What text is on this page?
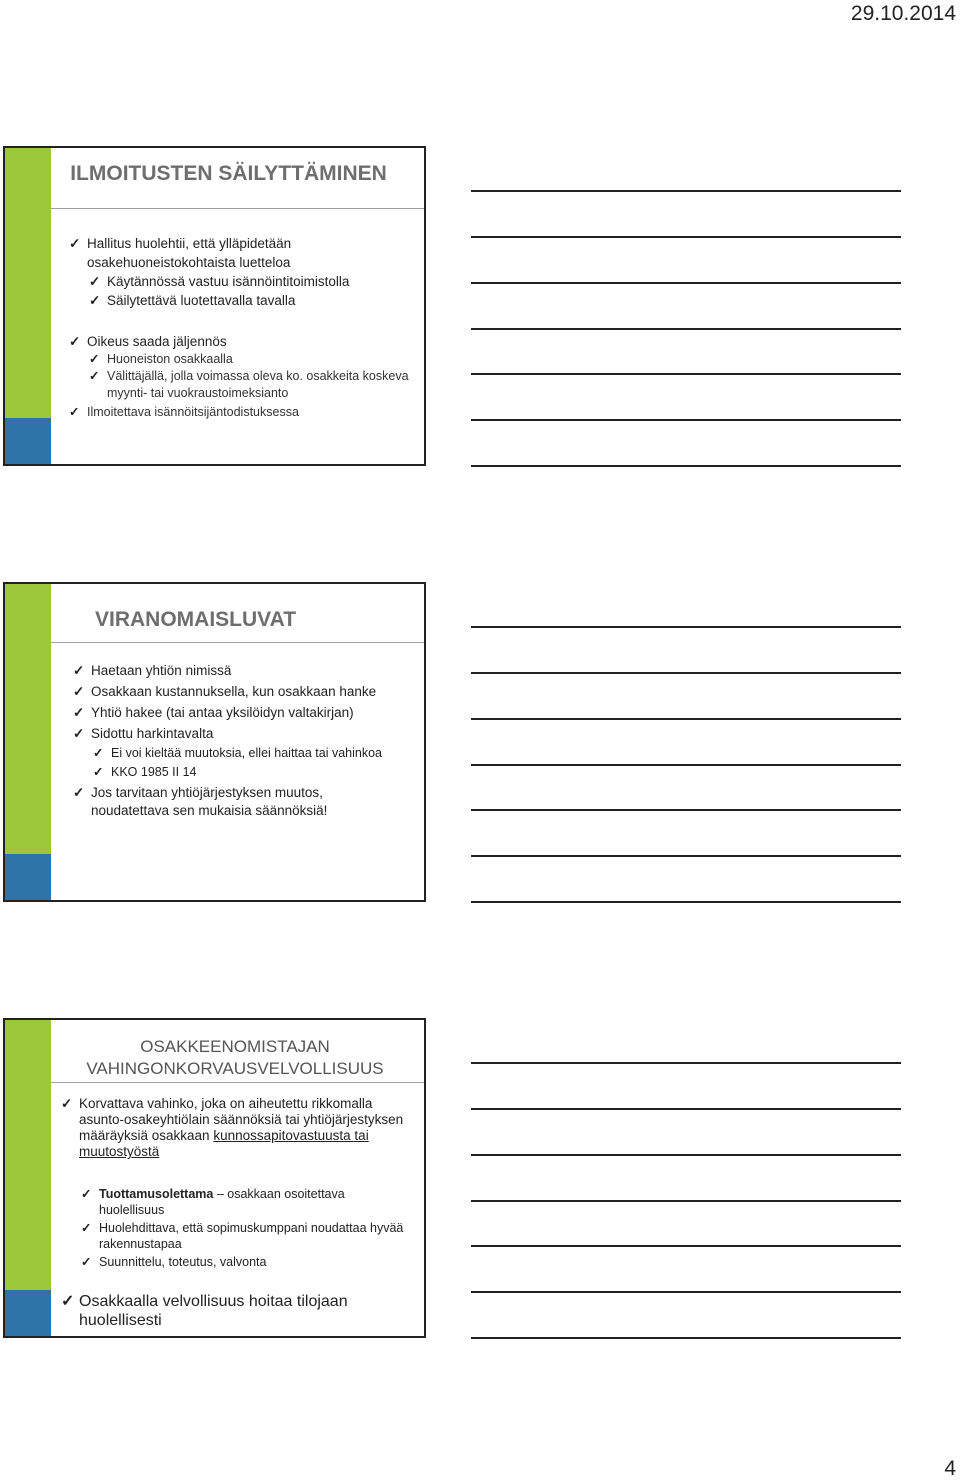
29.10.2014
ILMOITUSTEN SÄILYTTÄMINEN
✓ Hallitus huolehtii, että ylläpidetään osakehuoneistokohtaista luetteloa
✓ Käytännössä vastuu isännöintitoimistolla
✓ Säilytettävä luotettavalla tavalla
✓ Oikeus saada jäljennös
✓ Huoneiston osakkaalla
✓ Välittäjällä, jolla voimassa oleva ko. osakkeita koskeva myynti- tai vuokraustoimeksianto
✓ Ilmoitettava isännöitsijäntodistuksessa
VIRANOMAISLUVAT
✓ Haetaan yhtiön nimissä
✓ Osakkaan kustannuksella, kun osakkaan hanke
✓ Yhtiö hakee (tai antaa yksilöidyn valtakirjan)
✓ Sidottu harkintavalta
✓ Ei voi kieltää muutoksia, ellei haittaa tai vahinkoa
✓ KKO 1985 II 14
✓ Jos tarvitaan yhtiöjärjestyksen muutos, noudatettava sen mukaisia säännöksiä!
OSAKKEENOMISTAJAN VAHINGONKORVAUSVELVOLLISUUS
✓ Korvattava vahinko, joka on aiheutettu rikkomalla asunto-osakeyhtiölain säännöksiä tai yhtiöjärjestyksen määräyksiä osakkaan kunnossapitovastuusta tai muutostyöstä
✓ Tuottamusolettama – osakkaan osoitettava huolellisuus
✓ Huolehdittava, että sopimuskumppani noudattaa hyvää rakennustapaa
✓ Suunnittelu, toteutus, valvonta
✓ Osakkaalla velvollisuus hoitaa tilojaan huolellisesti
4
